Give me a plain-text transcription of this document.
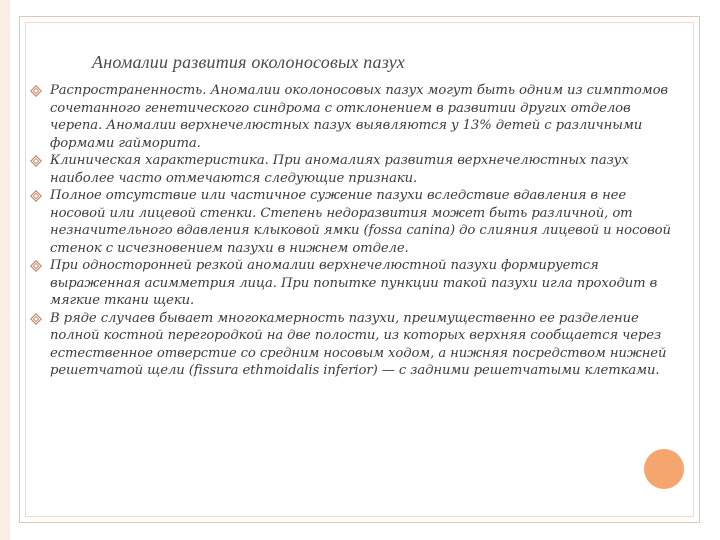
Аномалии развития околоносовых пазух
Распространенность. Аномалии околоносовых пазух могут быть одним из симптомов сочетанного генетического синдрома с отклонением в развитии других отделов черепа. Аномалии верхнечелюстных пазух выявляются у 13% детей с различными формами гайморита.
Клиническая характеристика. При аномалиях развития верхнечелюстных пазух наиболее часто отмечаются следующие признаки.
Полное отсутствие или частичное сужение пазухи вследствие вдавления в нее носовой или лицевой стенки. Степень недоразвития может быть различной, от незначительного вдавления клыковой ямки (fossa canina) до слияния лицевой и носовой стенок с исчезновением пазухи в нижнем отделе.
При односторонней резкой аномалии верхнечелюстной пазухи формируется выраженная асимметрия лица. При попытке пункции такой пазухи игла проходит в мягкие ткани щеки.
В ряде случаев бывает многокамерность пазухи, преимущественно ее разделение полной костной перегородкой на две полости, из которых верхняя сообщается через естественное отверстие со средним носовым ходом, а нижняя посредством нижней решетчатой щели (fissura ethmoidalis inferior) — с задними решетчатыми клетками.
